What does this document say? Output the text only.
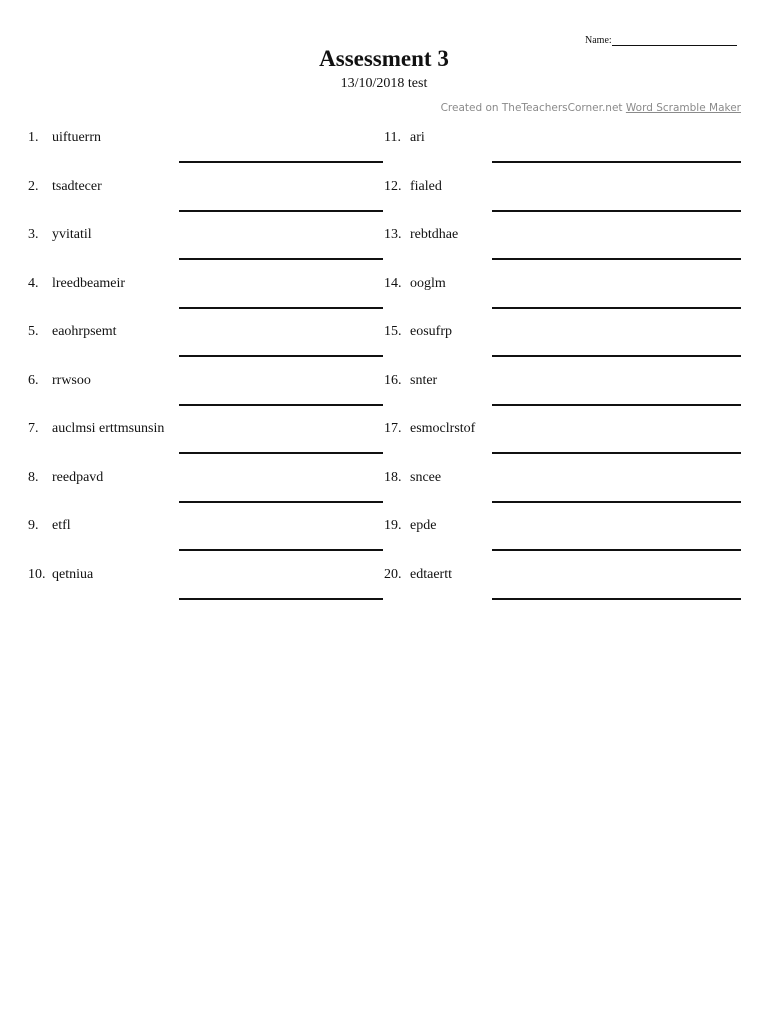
Name:
Assessment 3
13/10/2018 test
Created on TheTeachersCorner.net Word Scramble Maker
1. uiftuerrn
2. tsadtecer
3. yvitatil
4. lreedbeameir
5. eaohrpsemt
6. rrwsoo
7. auclmsi erttmsunsin
8. reedpavd
9. etfl
10. qetniua
11. ari
12. fialed
13. rebtdhae
14. ooglm
15. eosufrp
16. snter
17. esmoclrstof
18. sncee
19. epde
20. edtaertt
